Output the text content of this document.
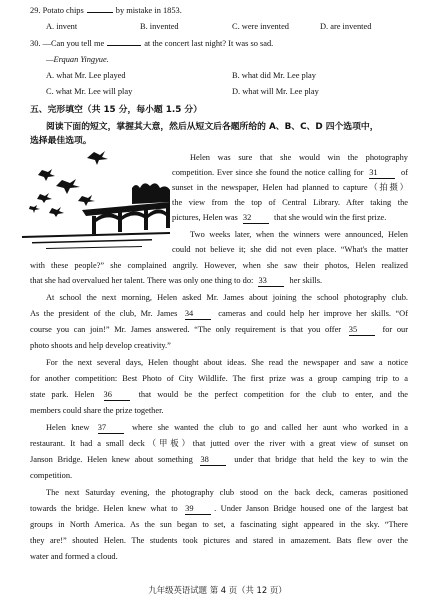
29. Potato chips	by mistake in 1853.
A. invent	B. invented	C. were invented	D. are invented
30. —Can you tell me	at the concert last night? It was so sad.
—Erquan Yingyue.
A. what Mr. Lee played	B. what did Mr. Lee play
C. what Mr. Lee will play	D. what will Mr. Lee play
五、完形填空（共 15 分，每小题 1.5 分）
阅读下面的短文，掌握其大意，然后从短文后各题所给的 A、B、C、D 四个选项中，
选择最佳选项。
Helen was sure that she would win the photography
competition. Ever since she found the notice calling for 31	of
sunset in the newspaper, Helen had planned to capture（拍摄）
the view from the top of Central Library. After taking the
pictures, Helen was 32	that she would win the first prize.
Two weeks later, when the winners were announced, Helen
could not believe it; she did not even place. “What's the matter
with these people?” she complained angrily. However, when she saw their photos, Helen realized
that she had overvalued her talent. There was only one thing to do: 33	her skills.
At school the next morning, Helen asked Mr. James about joining the school photography club.
As the president of the club, Mr. James 34	cameras and could help her improve her skills. “Of
course you can join!” Mr. James answered. “The only requirement is that you offer 35	for our
photo shoots and help develop creativity.”
For the next several days, Helen thought about ideas. She read the newspaper and saw a notice
for another competition: Best Photo of City Wildlife. The first prize was a group camping trip to a
state park. Helen 36	that would be the perfect competition for the club to enter, and the
members could share the prize together.
Helen knew 37	where she wanted the club to go and called her aunt who worked in a
restaurant. It had a small deck（甲板）that jutted over the river with a great view of sunset on
Janson Bridge. Helen knew about something 38	under that bridge that held the key to win the
competition.
The next Saturday evening, the photography club stood on the back deck, cameras positioned
towards the bridge. Helen knew what to 39 . Under Janson Bridge housed one of the largest bat
groups in North America. As the sun began to set, a fascinating sight appeared in the sky. “There
they are!” shouted Helen. The students took pictures and stared in amazement. Bats flew over the
water and formed a cloud.
九年级英语试题 第 4 页（共 12 页）
